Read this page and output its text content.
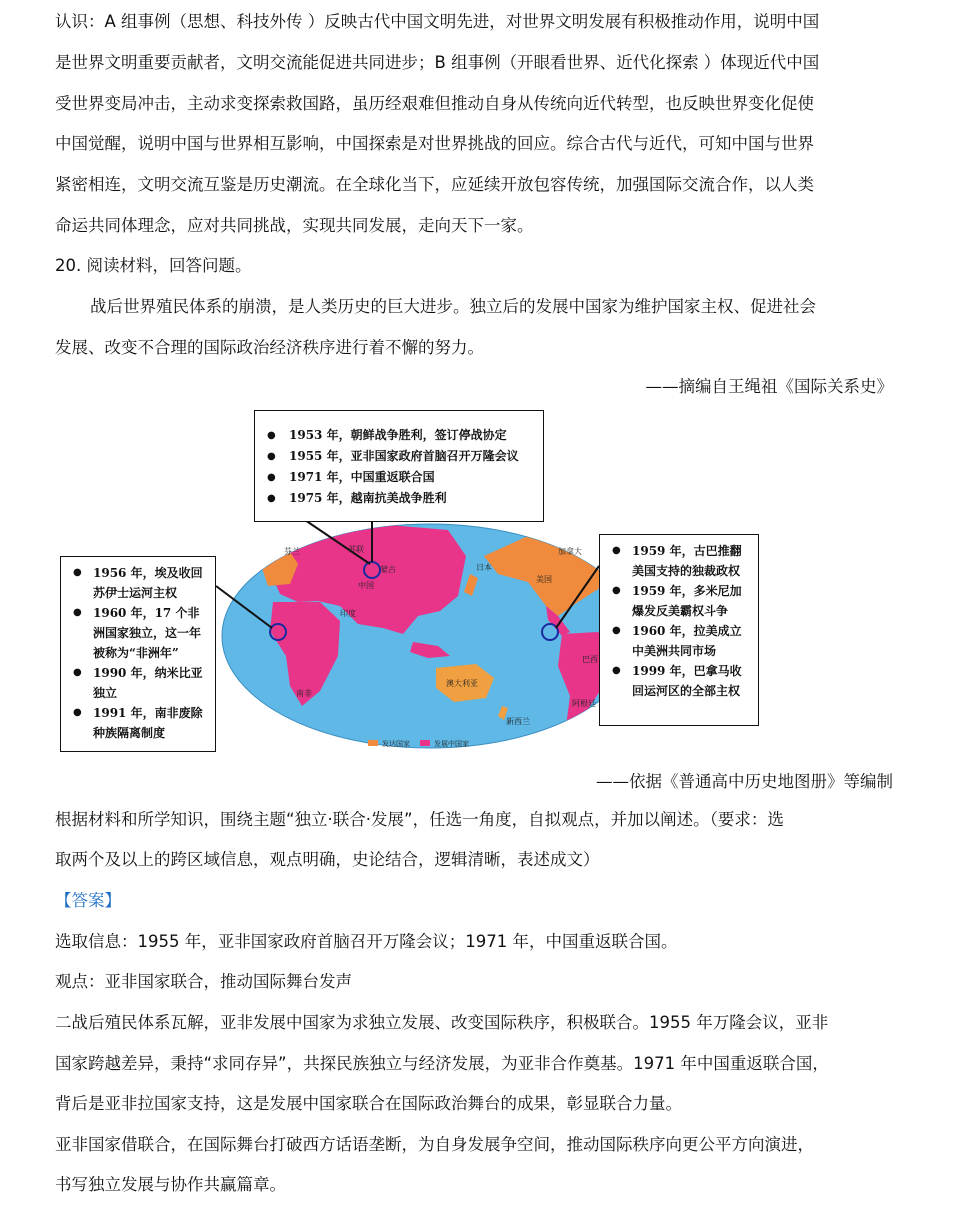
认识：A 组事例（思想、科技外传 ）反映古代中国文明先进，对世界文明发展有积极推动作用，说明中国
是世界文明重要贡献者，文明交流能促进共同进步；B 组事例（开眼看世界、近代化探索 ）体现近代中国
受世界变局冲击，主动求变探索救国路，虽历经艰难但推动自身从传统向近代转型，也反映世界变化促使
中国觉醒，说明中国与世界相互影响，中国探索是对世界挑战的回应。综合古代与近代，可知中国与世界
紧密相连，文明交流互鉴是历史潮流。在全球化当下，应延续开放包容传统，加强国际交流合作，以人类
命运共同体理念，应对共同挑战，实现共同发展，走向天下一家。
20. 阅读材料，回答问题。
战后世界殖民体系的崩溃，是人类历史的巨大进步。独立后的发展中国家为维护国家主权、促进社会
发展、改变不合理的国际政治经济秩序进行着不懈的努力。
——摘编自王绳祖《国际关系史》
芬兰	苏联
中国
美国
巴西
澳大利亚
南非
蒙古
印度
日本
加拿大
新西兰
阿根廷
发达国家	发展中国家
● 1953 年，朝鲜战争胜利，签订停战协定
● 1955 年，亚非国家政府首脑召开万隆会议
● 1971 年，中国重返联合国
● 1975 年，越南抗美战争胜利
● 1956 年，埃及收回苏伊士运河主权
● 1960 年，17 个非洲国家独立，这一年被称为“非洲年”
● 1990 年，纳米比亚独立
● 1991 年，南非废除种族隔离制度
● 1959 年，古巴推翻美国支持的独裁政权
● 1959 年，多米尼加爆发反美霸权斗争
● 1960 年，拉美成立中美洲共同市场
● 1999 年，巴拿马收回运河区的全部主权
——依据《普通高中历史地图册》等编制
根据材料和所学知识，围绕主题“独立·联合·发展”，任选一角度，自拟观点，并加以阐述。（要求：选
取两个及以上的跨区域信息，观点明确，史论结合，逻辑清晰，表述成文）
【答案】
选取信息：1955 年，亚非国家政府首脑召开万隆会议；1971 年，中国重返联合国。
观点：亚非国家联合，推动国际舞台发声
二战后殖民体系瓦解，亚非发展中国家为求独立发展、改变国际秩序，积极联合。1955 年万隆会议，亚非
国家跨越差异，秉持“求同存异”，共探民族独立与经济发展，为亚非合作奠基。1971 年中国重返联合国，
背后是亚非拉国家支持，这是发展中国家联合在国际政治舞台的成果，彰显联合力量。
亚非国家借联合，在国际舞台打破西方话语垄断，为自身发展争空间，推动国际秩序向更公平方向演进，
书写独立发展与协作共赢篇章。
